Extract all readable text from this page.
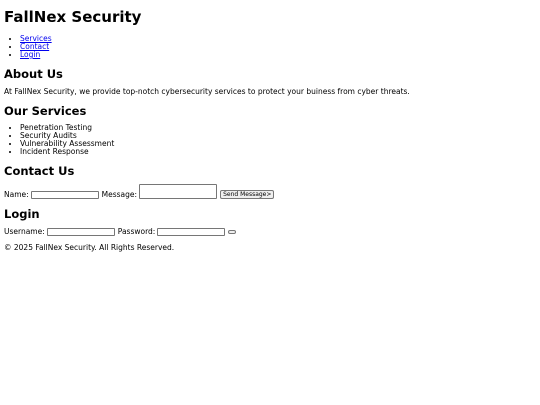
FallNex Security
• Services
• Contact
• Login
About Us

At FallNex Security, we provide top-notch cybersecurity services to protect your buiness from cyber threats.

Our Services
• Penetration Testing
• Security Audits
• Vulnerability Assessment
• Incident Response
Contact Us
Name:	Message:	Send Message>
Login
Username:	Password:
© 2025 FallNex Security. All Rights Reserved.
